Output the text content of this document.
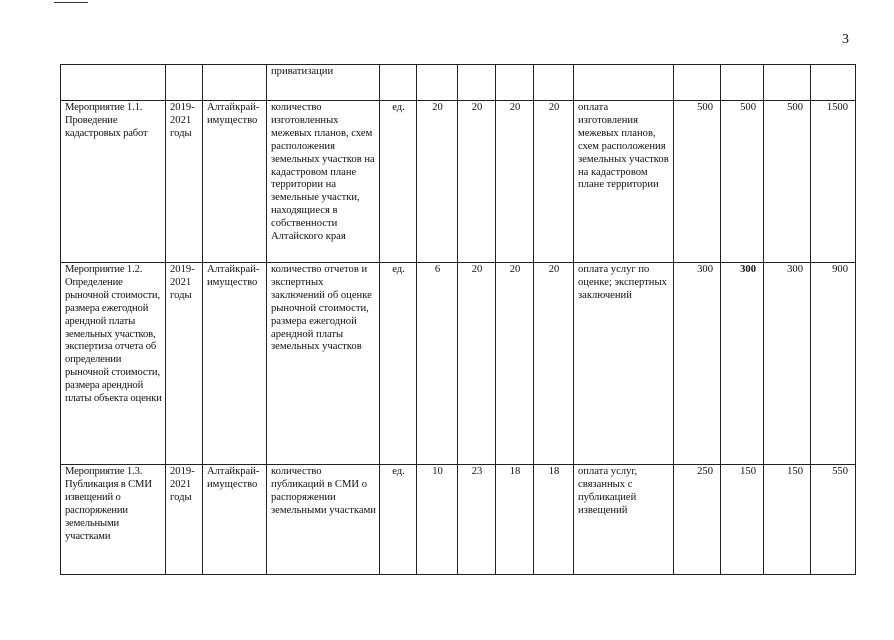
3
			приватизации										
Мероприятие 1.1. Проведение кадастровых работ	2019-2021 годы	Алтайкрай-имущество	количество изготовленных межевых планов, схем расположения земельных участков на кадастровом плане территории на земельные участки, находящиеся в собственности Алтайского края	ед.	20	20	20	20	оплата изготовления межевых планов, схем расположения земельных участков на кадастровом плане территории	500	500	500	1500
Мероприятие 1.2. Определение рыночной стоимости, размера ежегодной арендной платы земельных участков, экспертиза отчета об определении рыночной стоимости, размера арендной платы объекта оценки	2019-2021 годы	Алтайкрай-имущество	количество отчетов и экспертных заключений об оценке рыночной стоимости, размера ежегодной арендной платы земельных участков	ед.	6	20	20	20	оплата услуг по оценке; экспертных заключений	300	300	300	900
Мероприятие 1.3. Публикация в СМИ извещений о распоряжении земельными участками	2019-2021 годы	Алтайкрай-имущество	количество публикаций в СМИ о распоряжении земельными участками	ед.	10	23	18	18	оплата услуг, связанных с публикацией извещений	250	150	150	550
